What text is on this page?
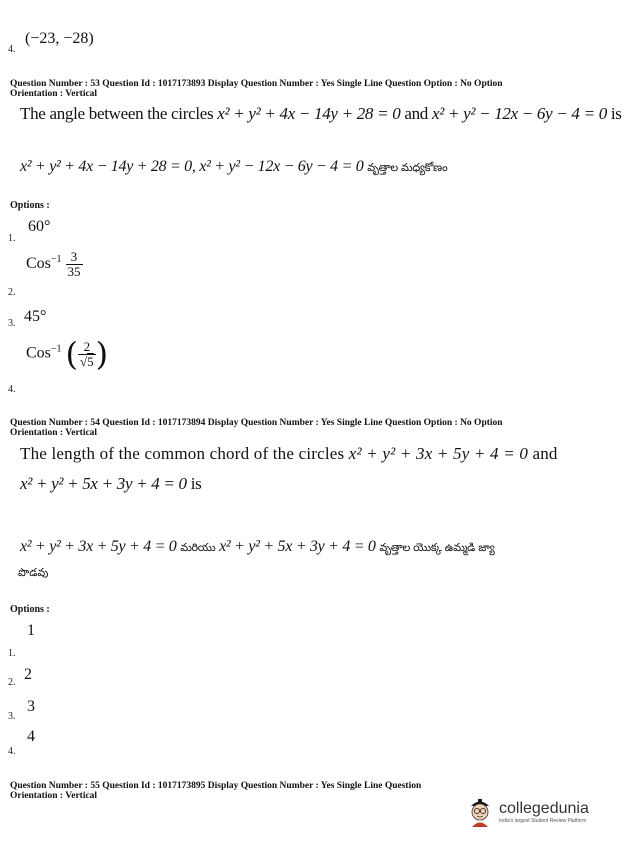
4.
(−23, −28)
Question Number : 53 Question Id : 1017173893 Display Question Number : Yes Single Line Question Option : No Option
Orientation : Vertical
The angle between the circles x² + y² + 4x − 14y + 28 = 0 and x² + y² − 12x − 6y − 4 = 0 is
x² + y² + 4x − 14y + 28 = 0, x² + y² − 12x − 6y − 4 = 0 వృత్తాల మధ్యకోణం
Options :
60°
1.
$Cos^{-1} \frac{3}{35}$
2.
45°
3.
Cos$^{-1}$ ( $\frac{2}{√5}$ )
4.
Question Number : 54 Question Id : 1017173894 Display Question Number : Yes Single Line Question Option : No Option
Orientation : Vertical
The length of the common chord of the circles x² + y² + 3x + 5y + 4 = 0 and
x² + y² + 5x + 3y + 4 = 0 is
x² + y² + 3x + 5y + 4 = 0 మరియు x² + y² + 5x + 3y + 4 = 0 వృత్తాల యొక్క ఉమ్మడి జ్యా
పొడవు
Options :
1
1.
2
2.
3
3.
4
4.
Question Number : 55 Question Id : 1017173895 Display Question Number : Yes Single Line Question
Orientation : Vertical
collegedunia
India's largest Student Review Platform
